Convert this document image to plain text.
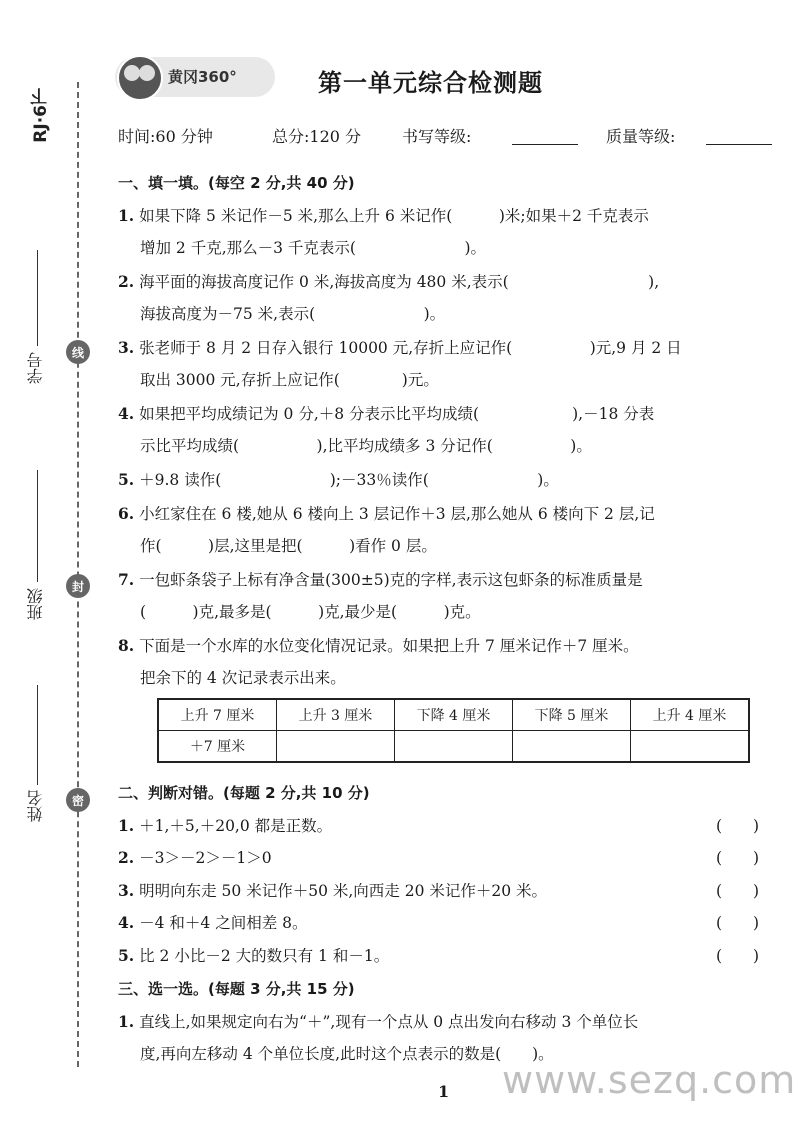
RJ·6下
学号
班级
姓名
线
封
密
黄冈360°	第一单元综合检测题
时间:60 分钟	总分:120 分	书写等级:	质量等级:
一、填一填。(每空 2 分,共 40 分)
1. 如果下降 5 米记作－5 米,那么上升 6 米记作(　　　)米;如果＋2 千克表示
增加 2 千克,那么－3 千克表示(　　　　　　　)。
2. 海平面的海拔高度记作 0 米,海拔高度为 480 米,表示(　　　　　　　　　),
海拔高度为－75 米,表示(　　　　　　　)。
3. 张老师于 8 月 2 日存入银行 10000 元,存折上应记作(　　　　　)元,9 月 2 日
取出 3000 元,存折上应记作(　　　　)元。
4. 如果把平均成绩记为 0 分,＋8 分表示比平均成绩(　　　　　　),－18 分表
示比平均成绩(　　　　　),比平均成绩多 3 分记作(　　　　　)。
5. ＋9.8 读作(　　　　　　　);－33％读作(　　　　　　　)。
6. 小红家住在 6 楼,她从 6 楼向上 3 层记作＋3 层,那么她从 6 楼向下 2 层,记
作(　　　)层,这里是把(　　　)看作 0 层。
7. 一包虾条袋子上标有净含量(300±5)克的字样,表示这包虾条的标准质量是
(　　　)克,最多是(　　　)克,最少是(　　　)克。
8. 下面是一个水库的水位变化情况记录。如果把上升 7 厘米记作＋7 厘米。
把余下的 4 次记录表示出来。
上升 7 厘米	上升 3 厘米	下降 4 厘米	下降 5 厘米	上升 4 厘米
＋7 厘米				
二、判断对错。(每题 2 分,共 10 分)
1. ＋1,＋5,＋20,0 都是正数。	(　　)
2. －3＞－2＞－1＞0	(　　)
3. 明明向东走 50 米记作＋50 米,向西走 20 米记作＋20 米。	(　　)
4. －4 和＋4 之间相差 8。	(　　)
5. 比 2 小比－2 大的数只有 1 和－1。	(　　)
三、选一选。(每题 3 分,共 15 分)
1. 直线上,如果规定向右为“＋”,现有一个点从 0 点出发向右移动 3 个单位长
度,再向左移动 4 个单位长度,此时这个点表示的数是(　　)。
1 www.sezq.com
